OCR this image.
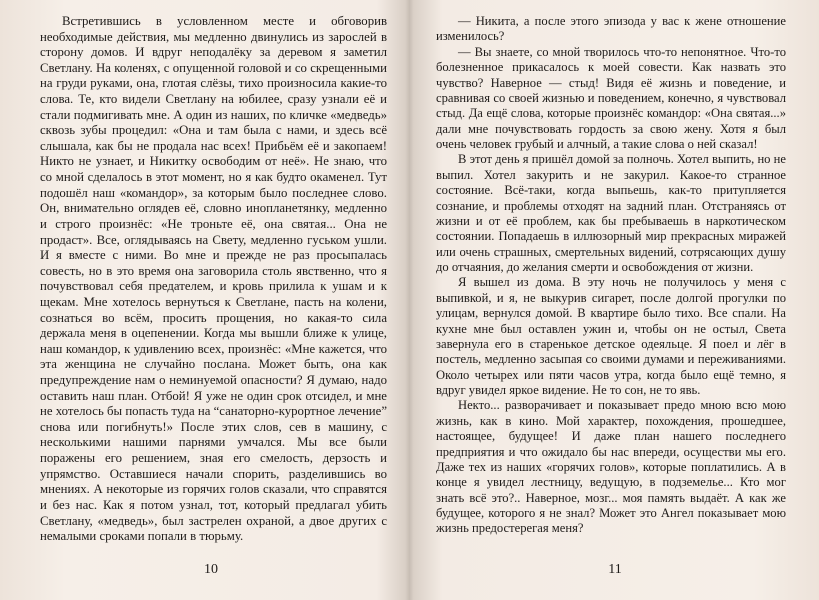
Встретившись в условленном месте и обговорив необходимые действия, мы медленно двинулись из зарослей в сторону домов. И вдруг неподалёку за деревом я заметил Светлану. На коленях, с опущенной головой и со скрещенными на груди руками, она, глотая слёзы, тихо произносила какие-то слова. Те, кто видели Светлану на юбилее, сразу узнали её и стали подмигивать мне. А один из наших, по кличке «медведь» сквозь зубы процедил: «Она и там была с нами, и здесь всё слышала, как бы не продала нас всех! Прибьём её и закопаем! Никто не узнает, и Никитку освободим от неё». Не знаю, что со мной сделалось в этот момент, но я как будто окаменел. Тут подошёл наш «командор», за которым было последнее слово. Он, внимательно оглядев её, словно инопланетянку, медленно и строго произнёс: «Не троньте её, она святая... Она не продаст». Все, оглядываясь на Свету, медленно гуськом ушли. И я вместе с ними. Во мне и прежде не раз просыпалась совесть, но в это время она заговорила столь явственно, что я почувствовал себя предателем, и кровь прилила к ушам и к щекам. Мне хотелось вернуться к Светлане, пасть на колени, сознаться во всём, просить прощения, но какая-то сила держала меня в оцепенении. Когда мы вышли ближе к улице, наш командор, к удивлению всех, произнёс: «Мне кажется, что эта женщина не случайно послана. Может быть, она как предупреждение нам о неминуемой опасности? Я думаю, надо оставить наш план. Отбой! Я уже не один срок отсидел, и мне не хотелось бы попасть туда на “санаторно-курортное лечение” снова или погибнуть!» После этих слов, сев в машину, с несколькими нашими парнями умчался. Мы все были поражены его решением, зная его смелость, дерзость и упрямство. Оставшиеся начали спорить, разделившись во мнениях. А некоторые из горячих голов сказали, что справятся и без нас. Как я потом узнал, тот, который предлагал убить Светлану, «медведь», был застрелен охраной, а двое других с немалыми сроками попали в тюрьму.

10

— Никита, а после этого эпизода у вас к жене отношение изменилось?

— Вы знаете, со мной творилось что-то непонятное. Что-то болезненное прикасалось к моей совести. Как назвать это чувство? Наверное — стыд! Видя её жизнь и поведение, и сравнивая со своей жизнью и поведением, конечно, я чувствовал стыд. Да ещё слова, которые произнёс командор: «Она святая...» дали мне почувствовать гордость за свою жену. Хотя я был очень человек грубый и алчный, а такие слова о ней сказал!

В этот день я пришёл домой за полночь. Хотел выпить, но не выпил. Хотел закурить и не закурил. Какое-то странное состояние. Всё-таки, когда выпьешь, как-то притупляется сознание, и проблемы отходят на задний план. Отстраняясь от жизни и от её проблем, как бы пребываешь в наркотическом состоянии. Попадаешь в иллюзорный мир прекрасных миражей или очень страшных, смертельных видений, сотрясающих душу до отчаяния, до желания смерти и освобождения от жизни.

Я вышел из дома. В эту ночь не получилось у меня с выпивкой, и я, не выкурив сигарет, после долгой прогулки по улицам, вернулся домой. В квартире было тихо. Все спали. На кухне мне был оставлен ужин и, чтобы он не остыл, Света завернула его в старенькое детское одеяльце. Я поел и лёг в постель, медленно засыпая со своими думами и переживаниями. Около четырех или пяти часов утра, когда было ещё темно, я вдруг увидел яркое видение. Не то сон, не то явь.

Некто... разворачивает и показывает предо мною всю мою жизнь, как в кино. Мой характер, похождения, прошедшее, настоящее, будущее! И даже план нашего последнего предприятия и что ожидало бы нас впереди, осуществи мы его. Даже тех из наших «горячих голов», которые поплатились. А в конце я увидел лестницу, ведущую, в подземелье... Кто мог знать всё это?.. Наверное, мозг... моя память выдаёт. А как же будущее, которого я не знал? Может это Ангел показывает мою жизнь предостерегая меня?

11
